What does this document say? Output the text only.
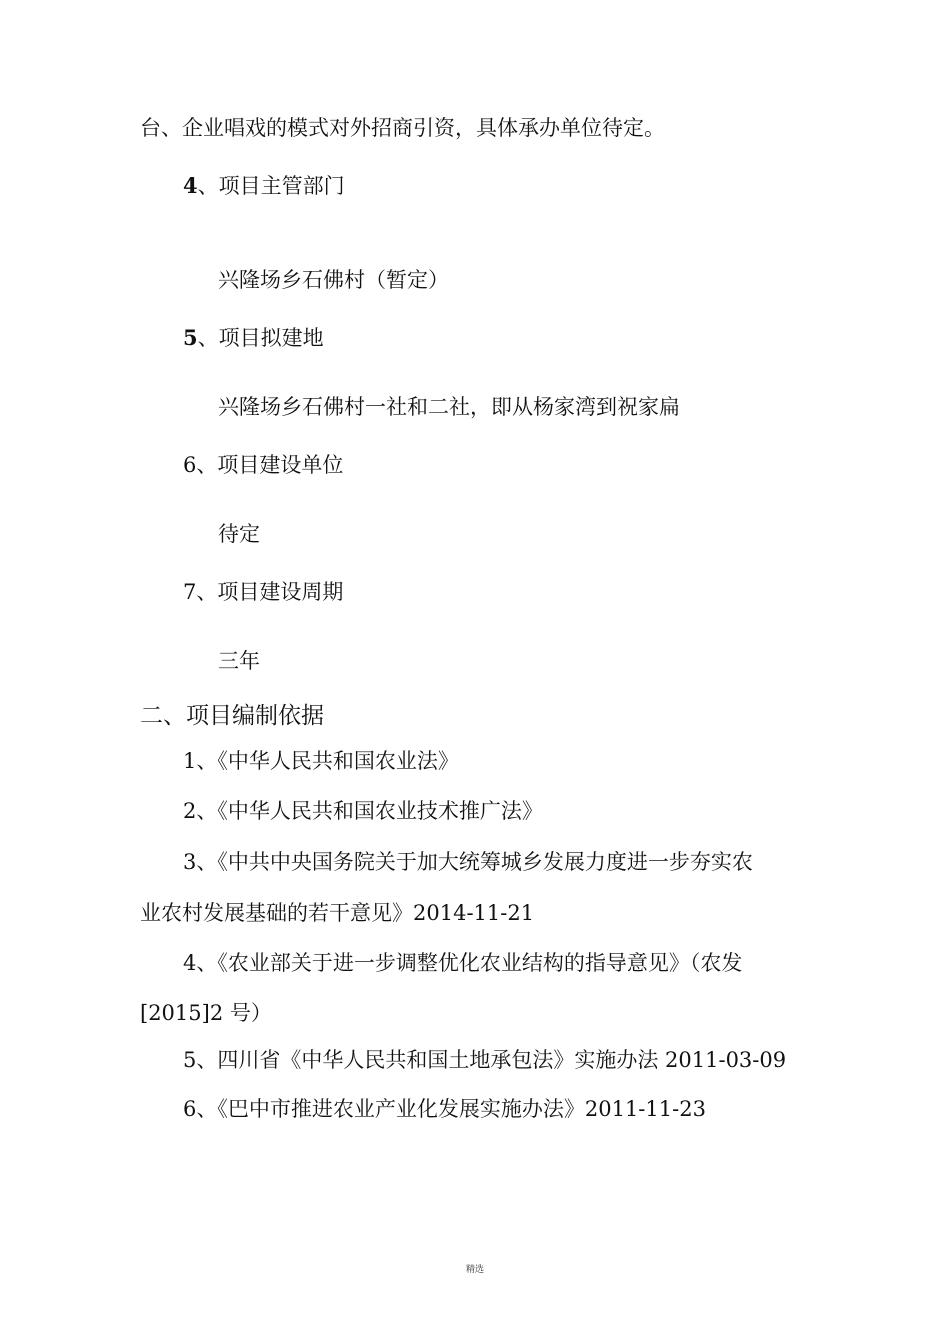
台、企业唱戏的模式对外招商引资，具体承办单位待定。
4、项目主管部门
兴隆场乡石佛村（暂定）
5、项目拟建地
兴隆场乡石佛村一社和二社，即从杨家湾到祝家扁
6、项目建设单位
待定
7、项目建设周期
三年
二、项目编制依据
1、《中华人民共和国农业法》
2、《中华人民共和国农业技术推广法》
3、《中共中央国务院关于加大统筹城乡发展力度进一步夯实农
业农村发展基础的若干意见》2014-11-21
4、《农业部关于进一步调整优化农业结构的指导意见》（农发
[2015]2 号）
5、四川省《中华人民共和国土地承包法》实施办法 2011-03-09
6、《巴中市推进农业产业化发展实施办法》2011-11-23
精选
